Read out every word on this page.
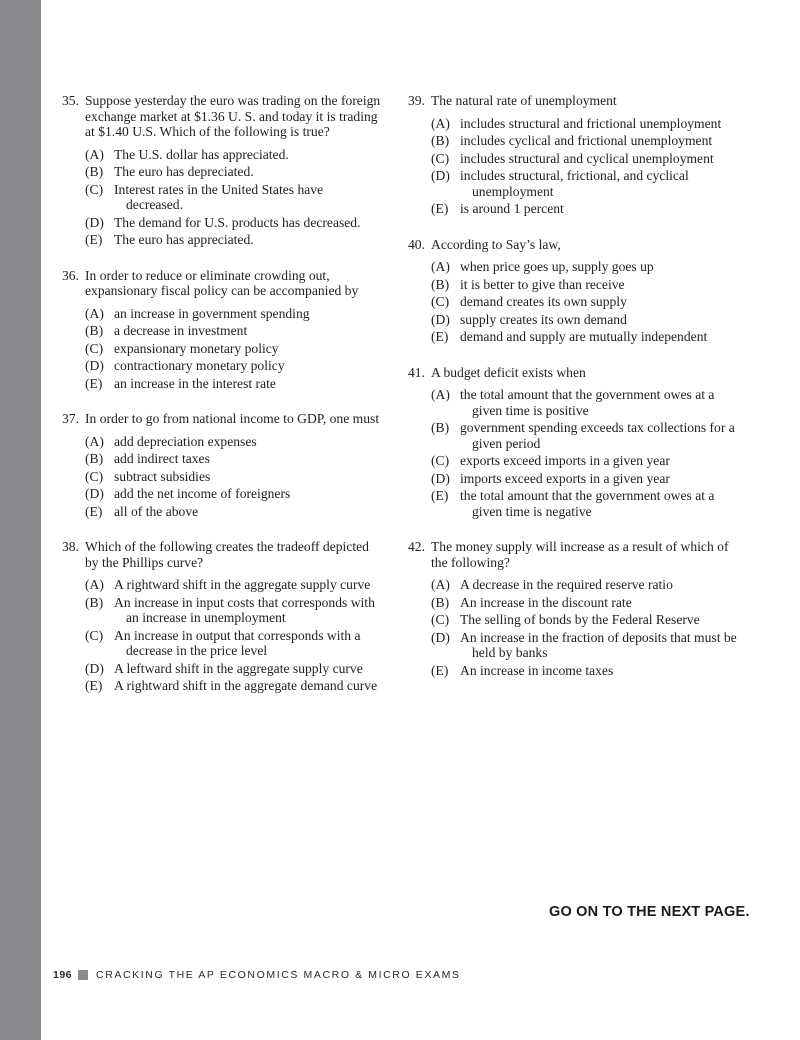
35. Suppose yesterday the euro was trading on the foreign exchange market at $1.36 U. S. and today it is trading at $1.40 U.S. Which of the following is true?
(A) The U.S. dollar has appreciated.
(B) The euro has depreciated.
(C) Interest rates in the United States have decreased.
(D) The demand for U.S. products has decreased.
(E) The euro has appreciated.
36. In order to reduce or eliminate crowding out, expansionary fiscal policy can be accompanied by
(A) an increase in government spending
(B) a decrease in investment
(C) expansionary monetary policy
(D) contractionary monetary policy
(E) an increase in the interest rate
37. In order to go from national income to GDP, one must
(A) add depreciation expenses
(B) add indirect taxes
(C) subtract subsidies
(D) add the net income of foreigners
(E) all of the above
38. Which of the following creates the tradeoff depicted by the Phillips curve?
(A) A rightward shift in the aggregate supply curve
(B) An increase in input costs that corresponds with an increase in unemployment
(C) An increase in output that corresponds with a decrease in the price level
(D) A leftward shift in the aggregate supply curve
(E) A rightward shift in the aggregate demand curve
39. The natural rate of unemployment
(A) includes structural and frictional unemployment
(B) includes cyclical and frictional unemployment
(C) includes structural and cyclical unemployment
(D) includes structural, frictional, and cyclical unemployment
(E) is around 1 percent
40. According to Say’s law,
(A) when price goes up, supply goes up
(B) it is better to give than receive
(C) demand creates its own supply
(D) supply creates its own demand
(E) demand and supply are mutually independent
41. A budget deficit exists when
(A) the total amount that the government owes at a given time is positive
(B) government spending exceeds tax collections for a given period
(C) exports exceed imports in a given year
(D) imports exceed exports in a given year
(E) the total amount that the government owes at a given time is negative
42. The money supply will increase as a result of which of the following?
(A) A decrease in the required reserve ratio
(B) An increase in the discount rate
(C) The selling of bonds by the Federal Reserve
(D) An increase in the fraction of deposits that must be held by banks
(E) An increase in income taxes
GO ON TO THE NEXT PAGE.
196 CRACKING THE AP ECONOMICS MACRO & MICRO EXAMS
